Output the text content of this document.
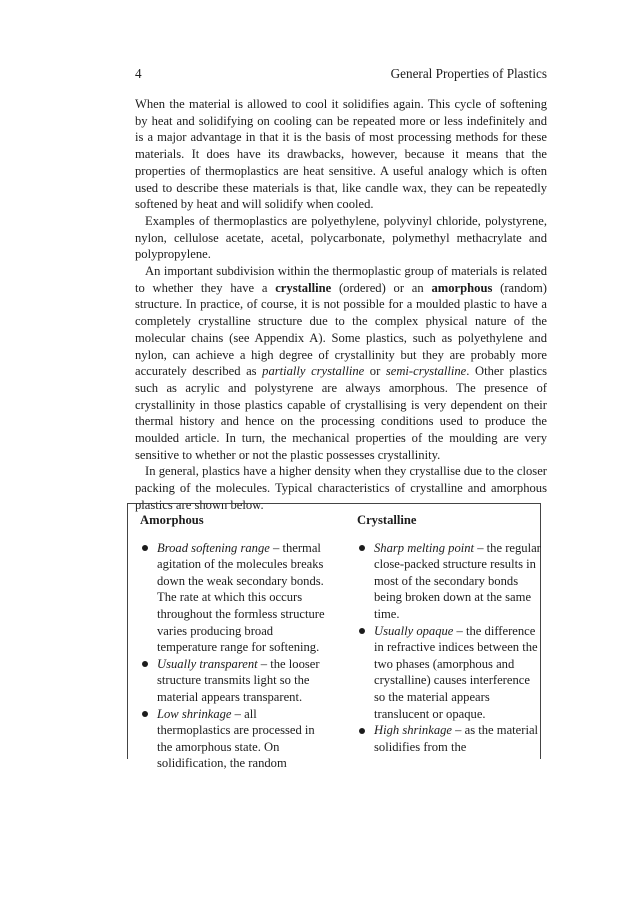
4	General Properties of Plastics

When the material is allowed to cool it solidifies again. This cycle of softening by heat and solidifying on cooling can be repeated more or less indefinitely and is a major advantage in that it is the basis of most processing methods for these materials. It does have its drawbacks, however, because it means that the properties of thermoplastics are heat sensitive. A useful analogy which is often used to describe these materials is that, like candle wax, they can be repeatedly softened by heat and will solidify when cooled.

Examples of thermoplastics are polyethylene, polyvinyl chloride, polystyrene, nylon, cellulose acetate, acetal, polycarbonate, polymethyl methacrylate and polypropylene.

An important subdivision within the thermoplastic group of materials is related to whether they have a crystalline (ordered) or an amorphous (random) structure. In practice, of course, it is not possible for a moulded plastic to have a completely crystalline structure due to the complex physical nature of the molecular chains (see Appendix A). Some plastics, such as polyethylene and nylon, can achieve a high degree of crystallinity but they are probably more accurately described as partially crystalline or semi-crystalline. Other plastics such as acrylic and polystyrene are always amorphous. The presence of crystallinity in those plastics capable of crystallising is very dependent on their thermal history and hence on the processing conditions used to produce the moulded article. In turn, the mechanical properties of the moulding are very sensitive to whether or not the plastic possesses crystallinity.

In general, plastics have a higher density when they crystallise due to the closer packing of the molecules. Typical characteristics of crystalline and amorphous plastics are shown below.

Amorphous
Broad softening range – thermal agitation of the molecules breaks down the weak secondary bonds. The rate at which this occurs throughout the formless structure varies producing broad temperature range for softening.
Usually transparent – the looser structure transmits light so the material appears transparent.
Low shrinkage – all thermoplastics are processed in the amorphous state. On solidification, the random
Crystalline
Sharp melting point – the regular close-packed structure results in most of the secondary bonds being broken down at the same time.
Usually opaque – the difference in refractive indices between the two phases (amorphous and crystalline) causes interference so the material appears translucent or opaque.
High shrinkage – as the material solidifies from the
